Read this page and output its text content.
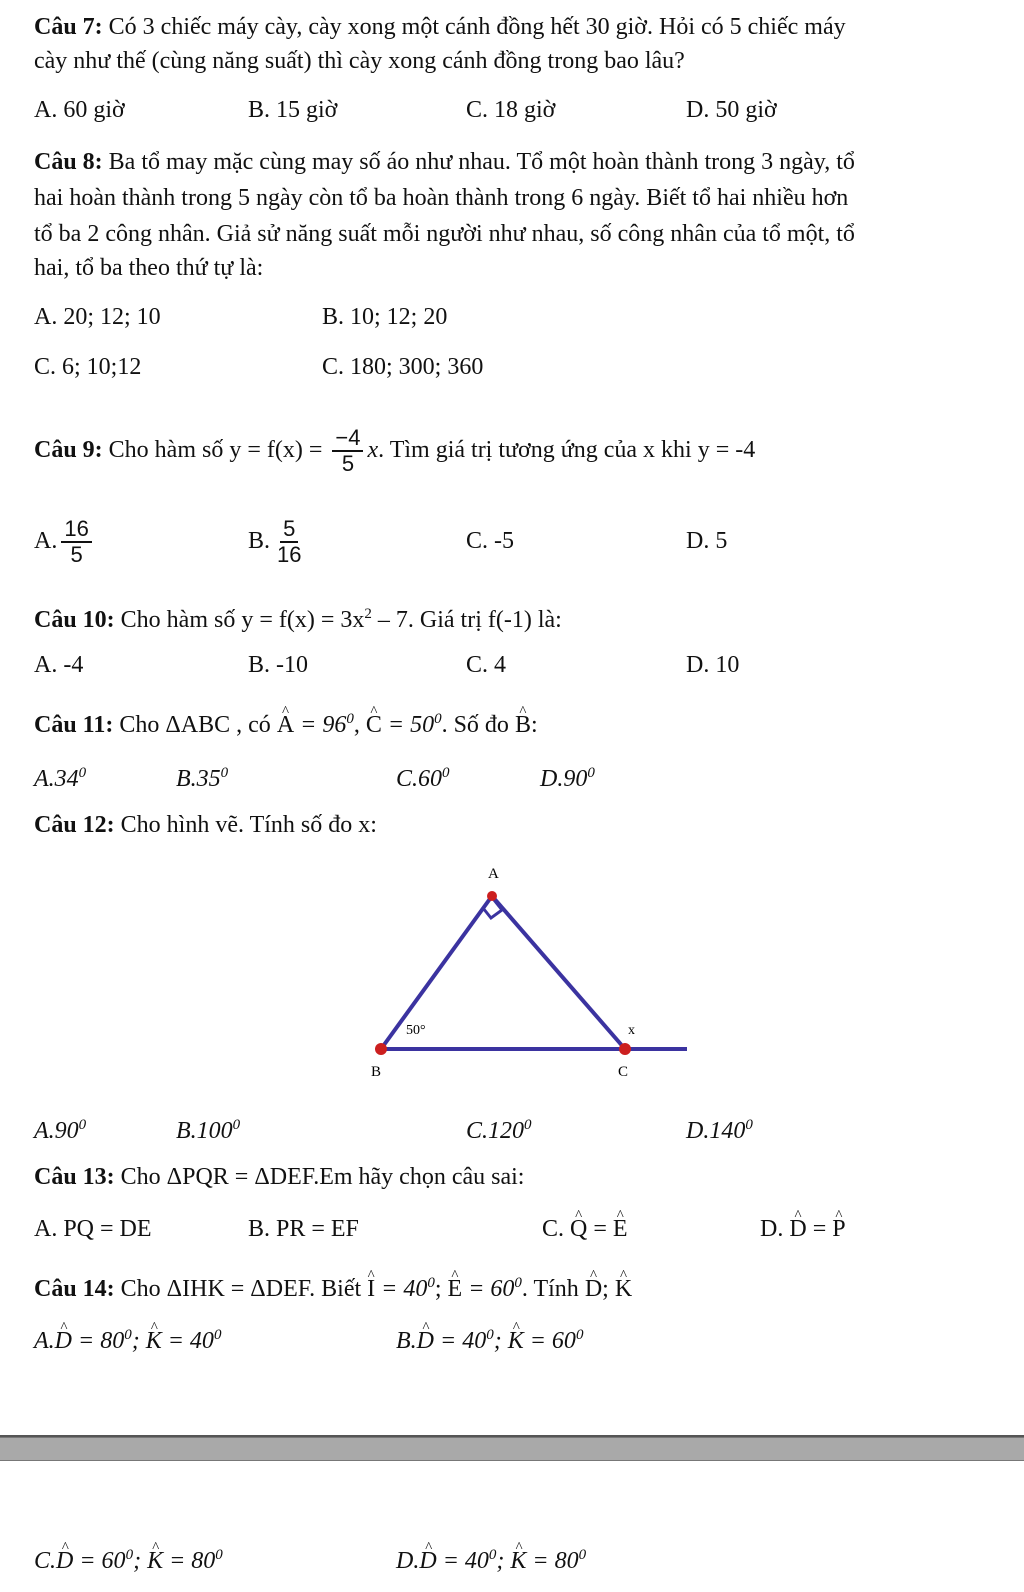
Câu 7: Có 3 chiếc máy cày, cày xong một cánh đồng hết 30 giờ. Hỏi có 5 chiếc máy
cày như thế (cùng năng suất) thì cày xong cánh đồng trong bao lâu?
A. 60 giờ	B. 15 giờ	C. 18 giờ	D. 50 giờ
Câu 8: Ba tổ may mặc cùng may số áo như nhau. Tổ một hoàn thành trong 3 ngày, tổ
hai hoàn thành trong 5 ngày còn tổ ba hoàn thành trong 6 ngày. Biết tổ hai nhiều hơn
tổ ba 2 công nhân. Giả sử năng suất mỗi người như nhau, số công nhân của tổ một, tổ
hai, tổ ba theo thứ tự là:
A. 20; 12; 10	B. 10; 12; 20
C. 6; 10;12	C. 180; 300; 360
Câu 9: Cho hàm số $y = f(x) = \frac{-4}{5} x$. Tìm giá trị tương ứng của x khi y = -4
A. $\frac{16}{5}$	B. $\frac{5}{16}$	C. -5	D. 5
Câu 10: Cho hàm số $y = f(x) = 3x^2 - 7$. Giá trị f(-1) là:
A. -4	B. -10	C. 4	D. 10
Câu 11: Cho ΔABC , có ^ $A = 96^0$, ^ $C = 50^0$. Số đo ^ B:
$A.34^0$	$B.35^0$	$C.60^0$	$D.90^0$
Câu 12: Cho hình vẽ. Tính số đo x:
A
B	C
50°	x
$A.90^0$	B.100$^0$	C.120$^0$	D.140$^0$
Câu 13: Cho ΔPQR = ΔDEF.Em hãy chọn câu sai:
A. PQ = DE	B. PR = EF	C. ^ Q = ^ E	D. ^ D = ^ P
Câu 14: Cho ΔIHK = ΔDEF. Biết ^ $I = 40^0$; ^ $E = 60^0$. Tính ^ D; ^ K
A.^ $D = 80^0$; ^ $K = 40^0$	B.^ $D = 40^0$; ^ $K = 60^0$
C.^ $D = 60^0$; ^ $K = 80^0$	D.^ $D = 40^0$; ^ $K = 80^0$
